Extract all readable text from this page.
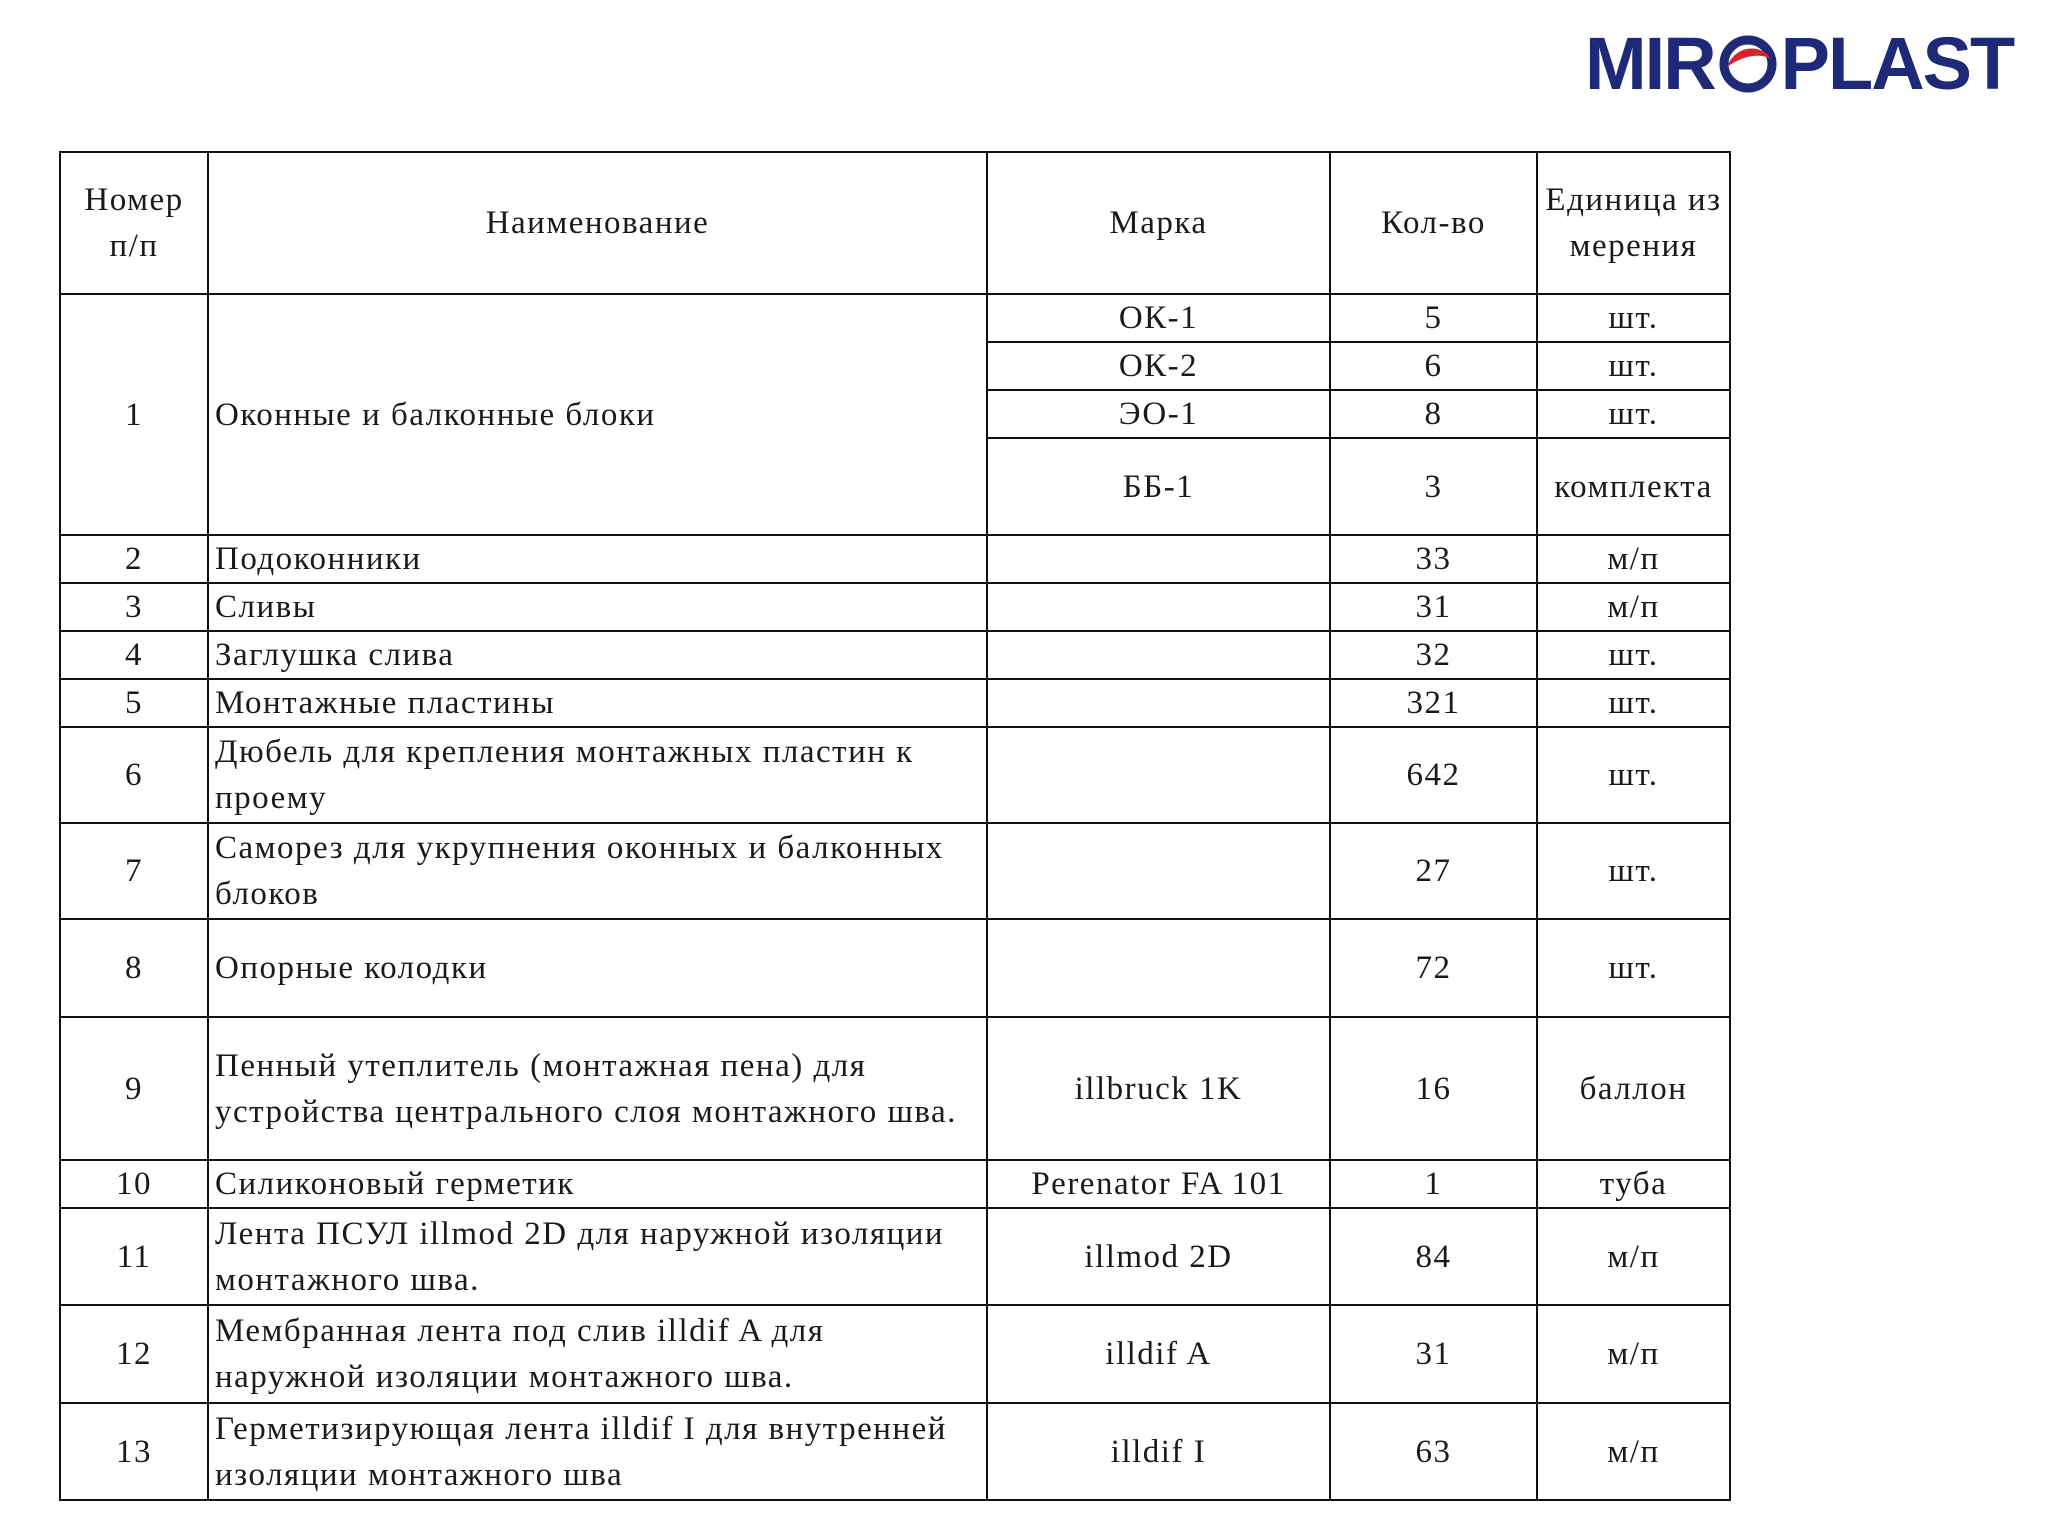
MIR PLAST
Номер п/п	Наименование	Марка	Кол-во	Единица измерения
1	Оконные и балконные блоки	ОК-1	5	шт.
		ОК-2	6	шт.
		ЭО-1	8	шт.
		ББ-1	3	комплекта
2	Подоконники		33	м/п
3	Сливы		31	м/п
4	Заглушка слива		32	шт.
5	Монтажные пластины		321	шт.
6	Дюбель для крепления монтажных пластин к проему		642	шт.
7	Саморез для укрупнения оконных и балконных блоков		27	шт.
8	Опорные колодки		72	шт.
9	Пенный утеплитель (монтажная пена) для устройства центрального слоя монтажного шва.	illbruck 1K	16	баллон
10	Силиконовый герметик	Perenator FA 101	1	туба
11	Лента ПСУЛ illmod 2D для наружной изоляции монтажного шва.	illmod 2D	84	м/п
12	Мембранная лента под слив illdif A для наружной изоляции монтажного шва.	illdif A	31	м/п
13	Герметизирующая лента illdif I для внутренней изоляции монтажного шва	illdif I	63	м/п
